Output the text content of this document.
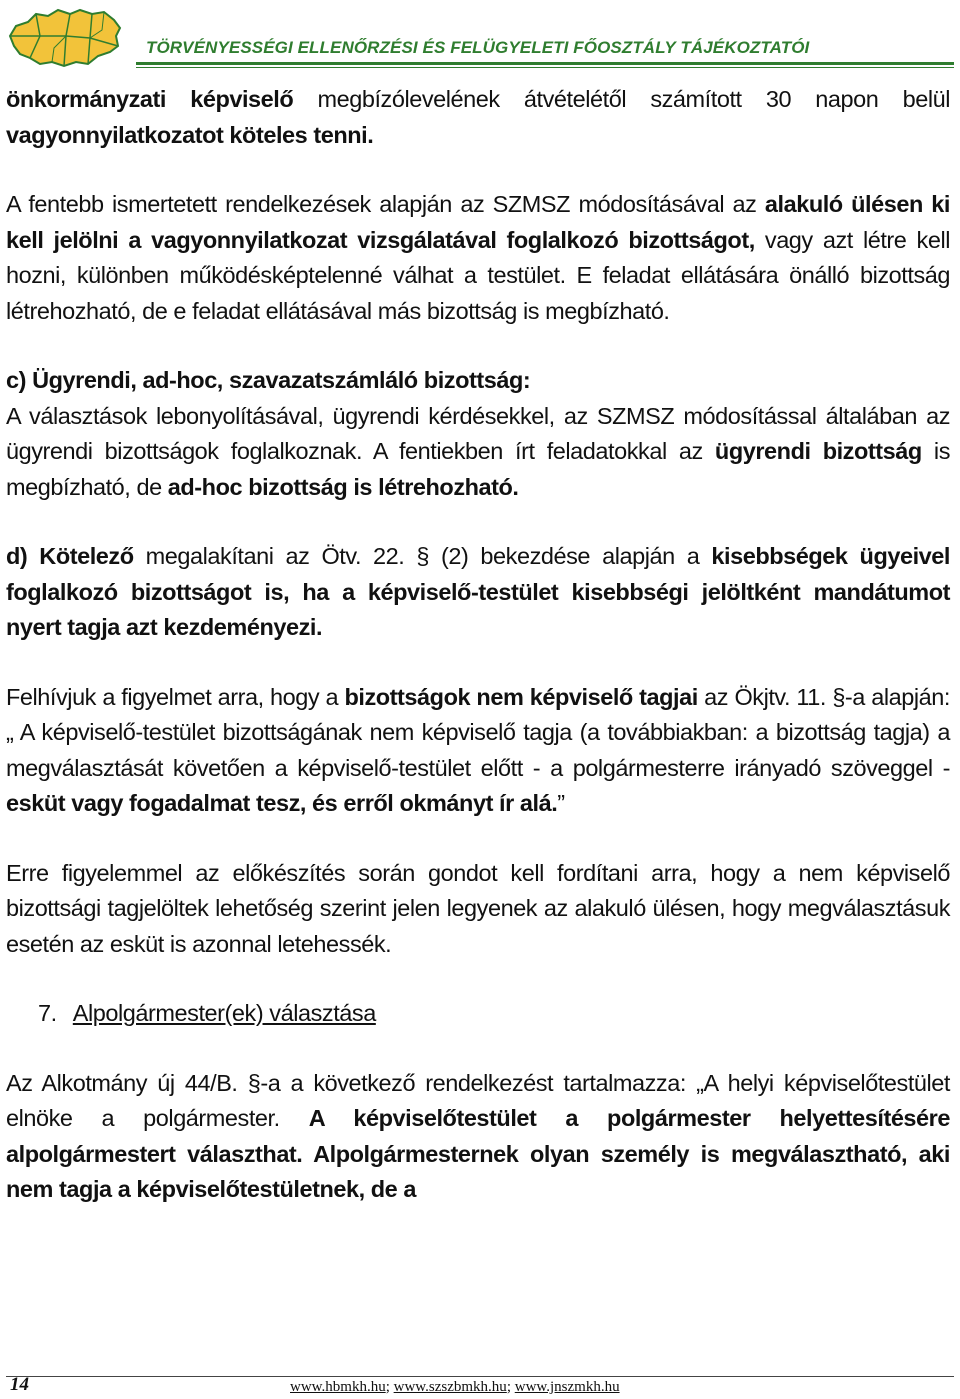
TÖRVÉNYESSÉGI ELLENŐRZÉSI ÉS FELÜGYELETI FŐOSZTÁLY TÁJÉKOZTATÓI

önkormányzati képviselő megbízólevelének átvételétől számított 30 napon belül vagyonnyilatkozatot köteles tenni.

A fentebb ismertetett rendelkezések alapján az SZMSZ módosításával az alakuló ülésen ki kell jelölni a vagyonnyilatkozat vizsgálatával foglalkozó bizottságot, vagy azt létre kell hozni, különben működésképtelenné válhat a testület. E feladat ellátására önálló bizottság létrehozható, de e feladat ellátásával más bizottság is megbízható.

c) Ügyrendi, ad-hoc, szavazatszámláló bizottság:
A választások lebonyolításával, ügyrendi kérdésekkel, az SZMSZ módosítással általában az ügyrendi bizottságok foglalkoznak. A fentiekben írt feladatokkal az ügyrendi bizottság is megbízható, de ad-hoc bizottság is létrehozható.

d) Kötelező megalakítani az Ötv. 22. § (2) bekezdése alapján a kisebbségek ügyeivel foglalkozó bizottságot is, ha a képviselő-testület kisebbségi jelöltként mandátumot nyert tagja azt kezdeményezi.

Felhívjuk a figyelmet arra, hogy a bizottságok nem képviselő tagjai az Ökjtv. 11. §-a alapján: „ A képviselő-testület bizottságának nem képviselő tagja (a továbbiakban: a bizottság tagja) a megválasztását követően a képviselő-testület előtt - a polgármesterre irányadó szöveggel - esküt vagy fogadalmat tesz, és erről okmányt ír alá.”

Erre figyelemmel az előkészítés során gondot kell fordítani arra, hogy a nem képviselő bizottsági tagjelöltek lehetőség szerint jelen legyenek az alakuló ülésen, hogy megválasztásuk esetén az esküt is azonnal letehessék.

7. Alpolgármester(ek) választása

Az Alkotmány új 44/B. §-a a következő rendelkezést tartalmazza: „A helyi képviselőtestület elnöke a polgármester. A képviselőtestület a polgármester helyettesítésére alpolgármestert választhat. Alpolgármesternek olyan személy is megválasztható, aki nem tagja a képviselőtestületnek, de a

14	www.hbmkh.hu; www.szszbmkh.hu; www.jnszmkh.hu
